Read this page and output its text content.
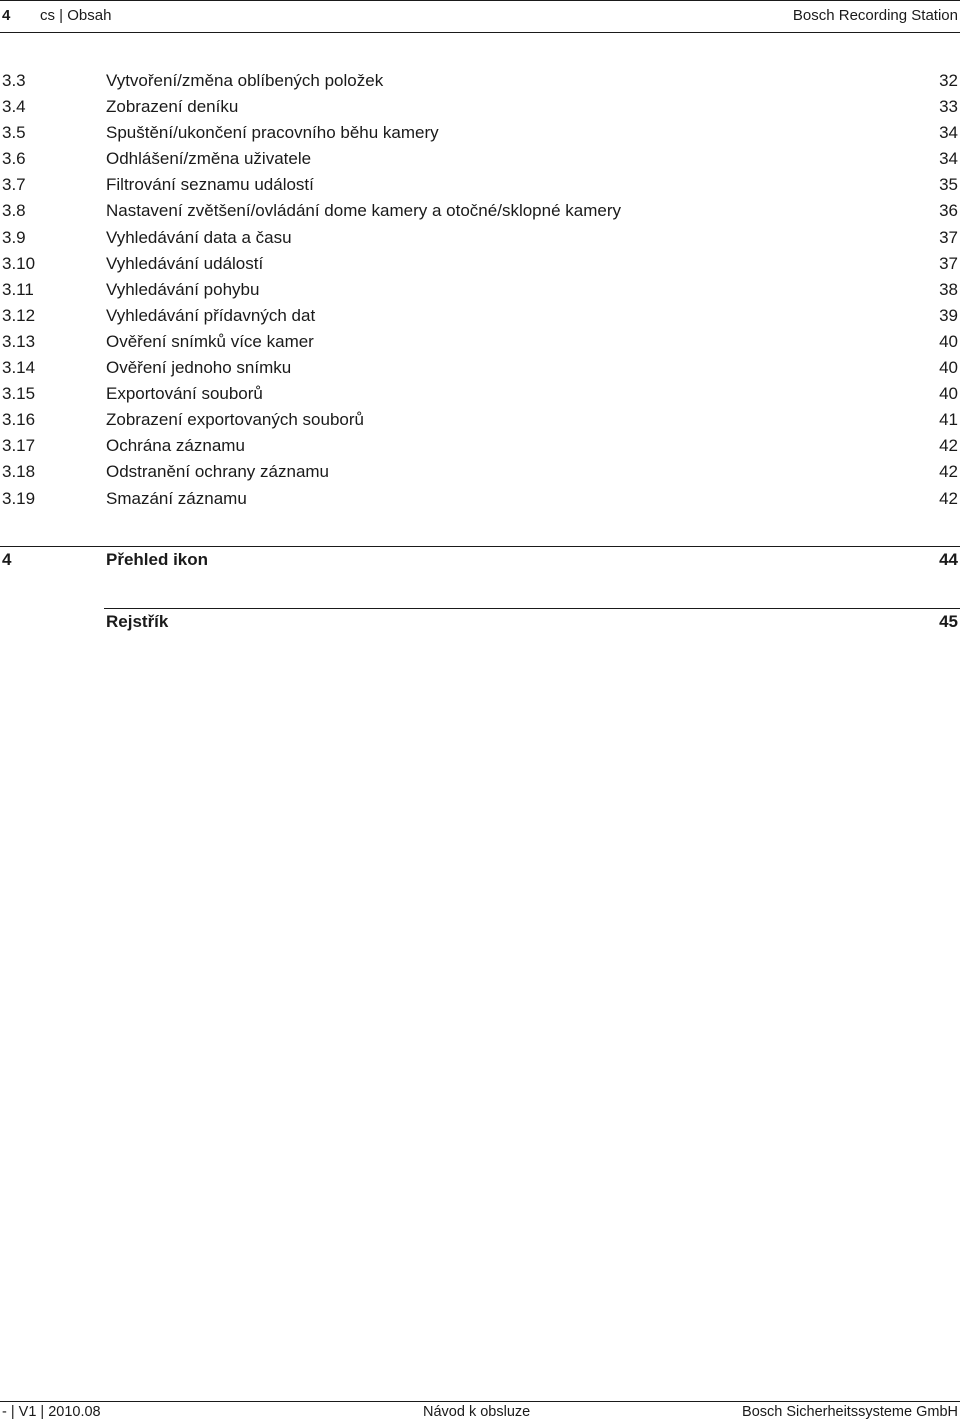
4 cs | Obsah	Bosch Recording Station
3.3	Vytvoření/změna oblíbených položek	32
3.4	Zobrazení deníku	33
3.5	Spuštění/ukončení pracovního běhu kamery	34
3.6	Odhlášení/změna uživatele	34
3.7	Filtrování seznamu událostí	35
3.8	Nastavení zvětšení/ovládání dome kamery a otočné/sklopné kamery	36
3.9	Vyhledávání data a času	37
3.10	Vyhledávání událostí	37
3.11	Vyhledávání pohybu	38
3.12	Vyhledávání přídavných dat	39
3.13	Ověření snímků více kamer	40
3.14	Ověření jednoho snímku	40
3.15	Exportování souborů	40
3.16	Zobrazení exportovaných souborů	41
3.17	Ochrána záznamu	42
3.18	Odstranění ochrany záznamu	42
3.19	Smazání záznamu	42
4	Přehled ikon	44
Rejstřík	45
- | V1 | 2010.08	Návod k obsluze	Bosch Sicherheitssysteme GmbH
